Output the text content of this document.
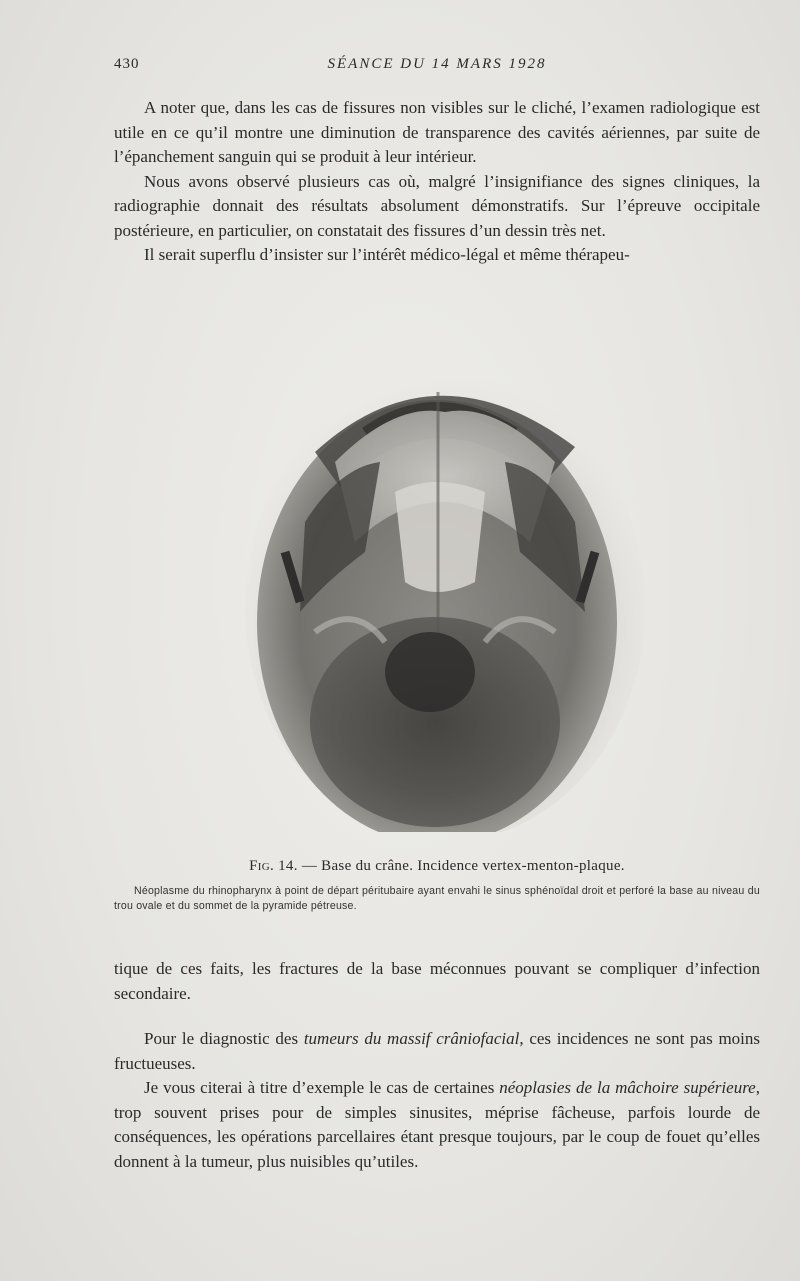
430	SÉANCE DU 14 MARS 1928

A noter que, dans les cas de fissures non visibles sur le cliché, l’examen radiologique est utile en ce qu’il montre une diminution de transparence des cavités aériennes, par suite de l’épanchement sanguin qui se produit à leur intérieur.

Nous avons observé plusieurs cas où, malgré l’insignifiance des signes cliniques, la radiographie donnait des résultats absolument démonstratifs. Sur l’épreuve occipitale postérieure, en particulier, on constatait des fissures d’un dessin très net.

Il serait superflu d’insister sur l’intérêt médico-légal et même thérapeu-

Fig. 14. — Base du crâne. Incidence vertex-menton-plaque.
Néoplasme du rhinopharynx à point de départ péritubaire ayant envahi le sinus sphénoïdal droit et perforé la base au niveau du trou ovale et du sommet de la pyramide pétreuse.

tique de ces faits, les fractures de la base méconnues pouvant se compliquer d’infection secondaire.

Pour le diagnostic des tumeurs du massif crâniofacial, ces incidences ne sont pas moins fructueuses.

Je vous citerai à titre d’exemple le cas de certaines néoplasies de la mâchoire supérieure, trop souvent prises pour de simples sinusites, méprise fâcheuse, parfois lourde de conséquences, les opérations parcellaires étant presque toujours, par le coup de fouet qu’elles donnent à la tumeur, plus nuisibles qu’utiles.
